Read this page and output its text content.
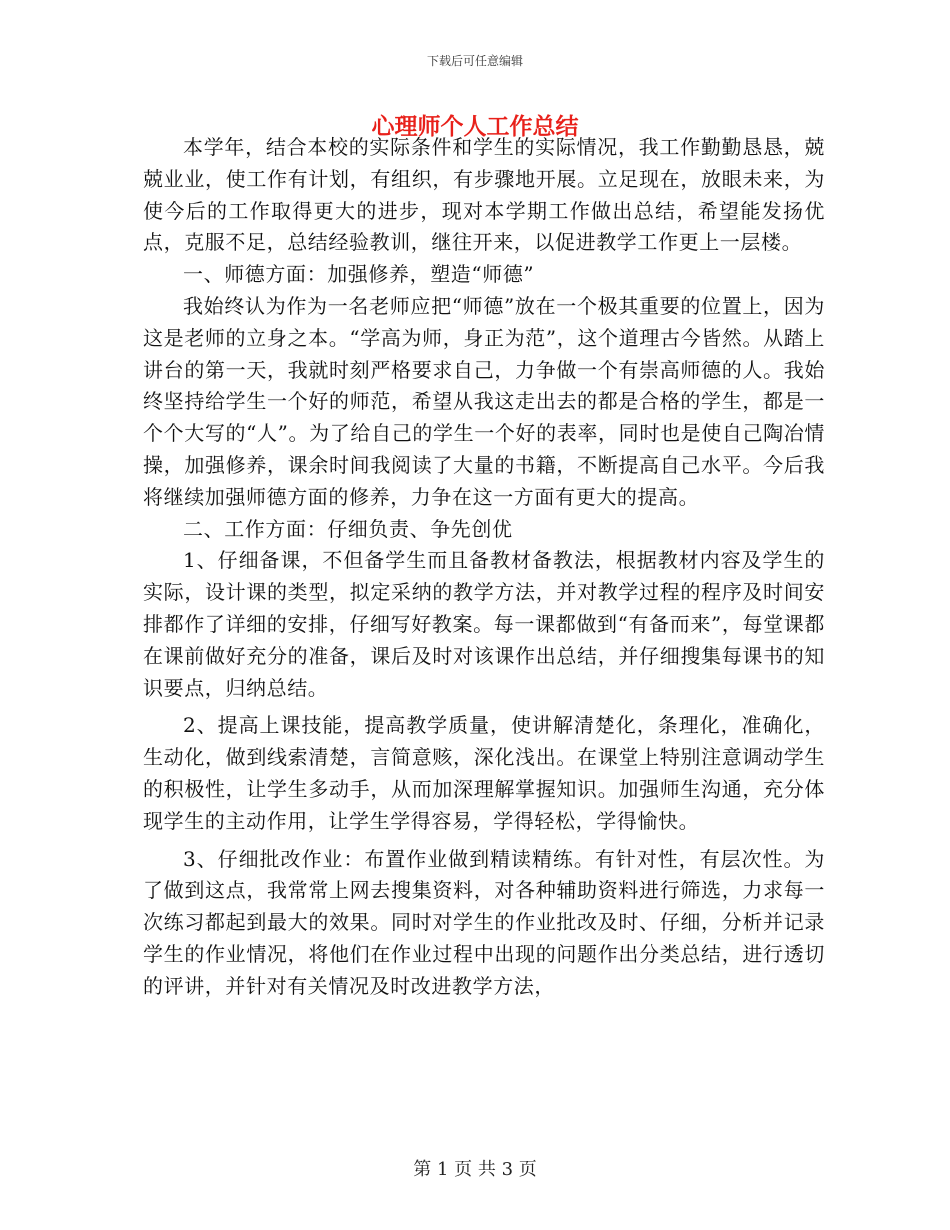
下载后可任意编辑
心理师个人工作总结

本学年，结合本校的实际条件和学生的实际情况，我工作勤勤恳恳，兢兢业业，使工作有计划，有组织，有步骤地开展。立足现在，放眼未来，为使今后的工作取得更大的进步，现对本学期工作做出总结，希望能发扬优点，克服不足，总结经验教训，继往开来，以促进教学工作更上一层楼。

一、师德方面：加强修养，塑造“师德”

我始终认为作为一名老师应把“师德”放在一个极其重要的位置上，因为这是老师的立身之本。“学高为师，身正为范”，这个道理古今皆然。从踏上讲台的第一天，我就时刻严格要求自己，力争做一个有崇高师德的人。我始终坚持给学生一个好的师范，希望从我这走出去的都是合格的学生，都是一个个大写的“人”。为了给自己的学生一个好的表率，同时也是使自己陶冶情操，加强修养，课余时间我阅读了大量的书籍，不断提高自己水平。今后我将继续加强师德方面的修养，力争在这一方面有更大的提高。

二、工作方面：仔细负责、争先创优

1、仔细备课，不但备学生而且备教材备教法，根据教材内容及学生的实际，设计课的类型，拟定采纳的教学方法，并对教学过程的程序及时间安排都作了详细的安排，仔细写好教案。每一课都做到“有备而来”，每堂课都在课前做好充分的准备，课后及时对该课作出总结，并仔细搜集每课书的知识要点，归纳总结。

2、提高上课技能，提高教学质量，使讲解清楚化，条理化，准确化，生动化，做到线索清楚，言简意赅，深化浅出。在课堂上特别注意调动学生的积极性，让学生多动手，从而加深理解掌握知识。加强师生沟通，充分体现学生的主动作用，让学生学得容易，学得轻松，学得愉快。

3、仔细批改作业：布置作业做到精读精练。有针对性，有层次性。为了做到这点，我常常上网去搜集资料，对各种辅助资料进行筛选，力求每一次练习都起到最大的效果。同时对学生的作业批改及时、仔细，分析并记录学生的作业情况，将他们在作业过程中出现的问题作出分类总结，进行透切的评讲，并针对有关情况及时改进教学方法，

第 1 页 共 3 页
